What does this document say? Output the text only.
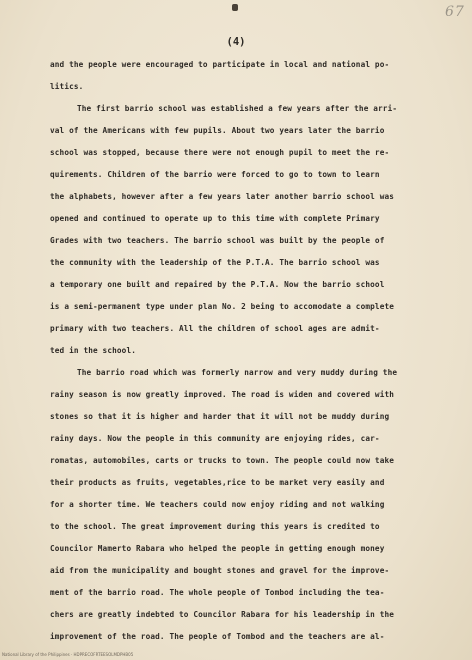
67
(4)
and the people were encouraged to participate in local and national po-
litics.
The first barrio school was established a few years after the arri-
val of the Americans with few pupils. About two years later the barrio
school was stopped, because there were not enough pupil to meet the re-
quirements. Children of the barrio were forced to go to town to learn
the alphabets, however after a few years later another barrio school was
opened and continued to operate up to this time with complete Primary
Grades with two teachers. The barrio school was built by the people of
the community with the leadership of the P.T.A. The barrio school was
a temporary one built and repaired by the P.T.A. Now the barrio school
is a semi-permanent type under plan No. 2 being to accomodate a complete
primary with two teachers. All the children of school ages are admit-
ted in the school.
The barrio road which was formerly narrow and very muddy during the
rainy season is now greatly improved. The road is widen and covered with
stones so that it is higher and harder that it will not be muddy during
rainy days. Now the people in this community are enjoying rides, car-
romatas, automobiles, carts or trucks to town. The people could now take
their products as fruits, vegetables,rice to be market very easily and
for a shorter time. We teachers could now enjoy riding and not walking
to the school. The great improvement during this years is credited to
Councilor Mamerto Rabara who helped the people in getting enough money
aid from the municipality and bought stones and gravel for the improve-
ment of the barrio road. The whole people of Tombod including the tea-
chers are greatly indebted to Councilor Rabara for his leadership in the
improvement of the road. The people of Tombod and the teachers are al-
National Library of the Philippines · HDPRECOFRTEESOLMDPHB05
